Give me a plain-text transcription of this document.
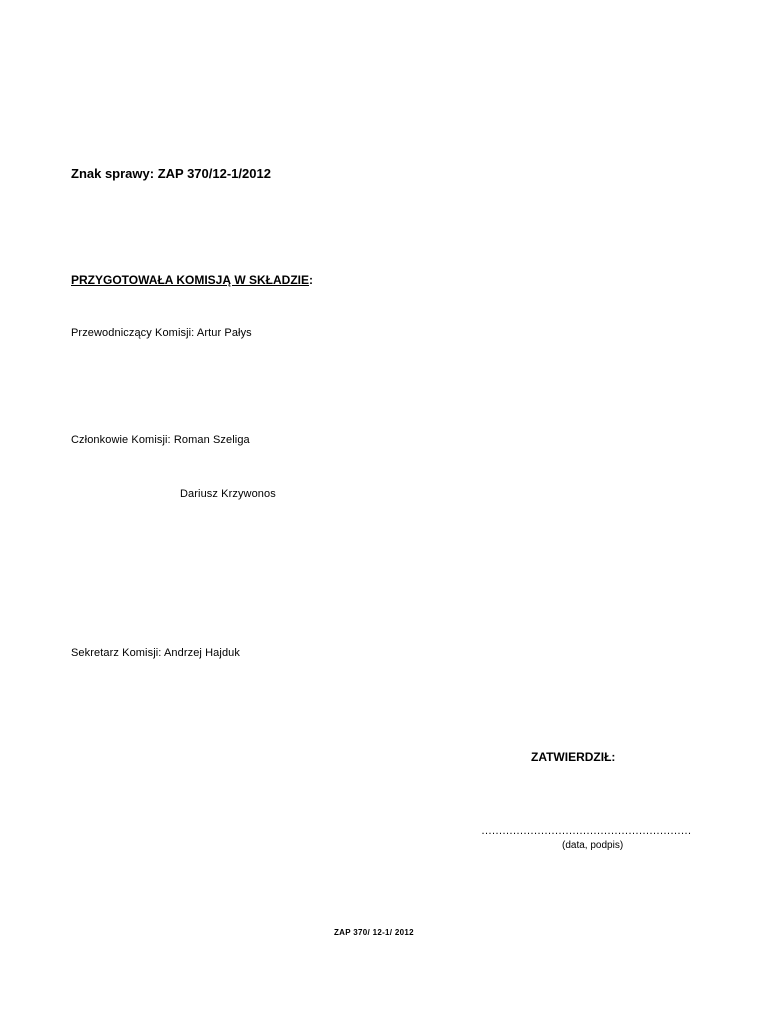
Znak sprawy: ZAP 370/12-1/2012
PRZYGOTOWAŁA KOMISJĄ W SKŁADZIE:
Przewodniczący Komisji: Artur Pałys
Członkowie Komisji: Roman Szeliga
Dariusz Krzywonos
Sekretarz Komisji: Andrzej Hajduk
ZATWIERDZIŁ:
……………………………………………………
(data, podpis)
ZAP 370/ 12-1/ 2012
